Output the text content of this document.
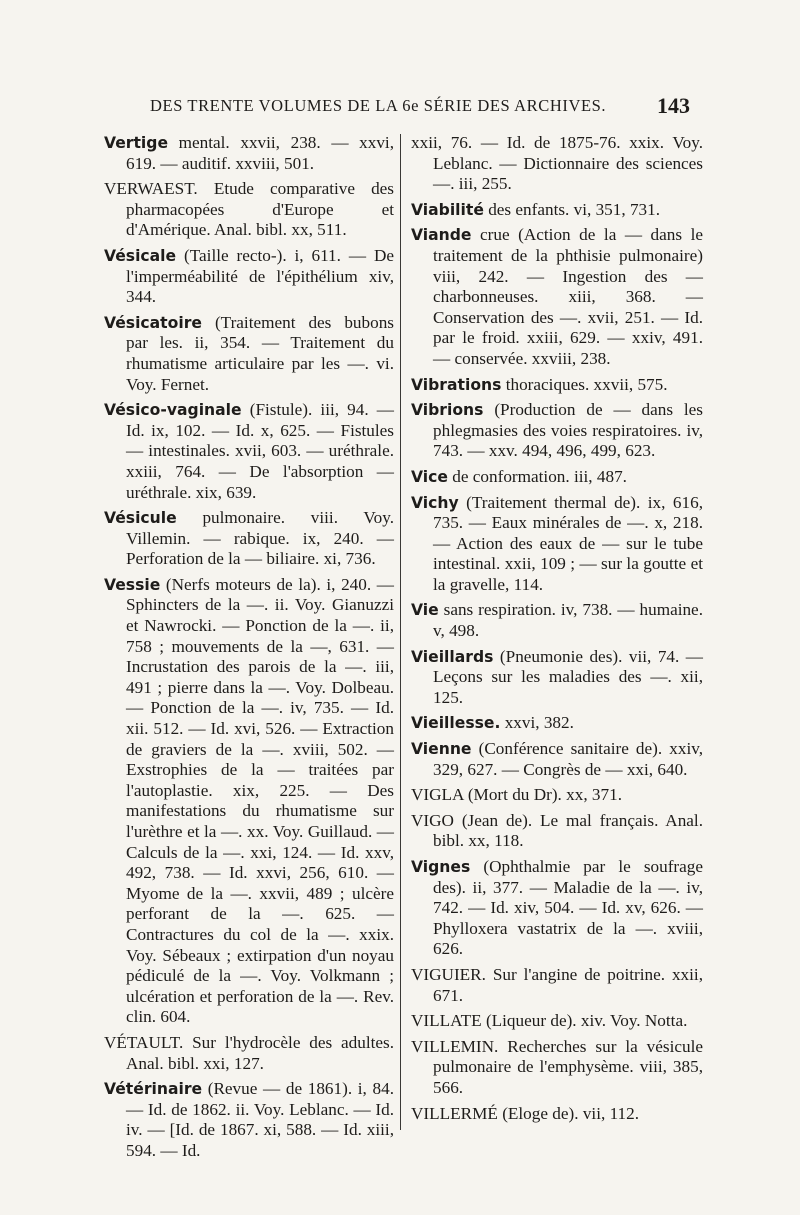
DES TRENTE VOLUMES DE LA 6e SÉRIE DES ARCHIVES. 143
Vertige mental. xxvii, 238. — xxvi, 619. — auditif. xxviii, 501.
VERWAEST. Etude comparative des pharmacopées d'Europe et d'Amérique. Anal. bibl. xx, 511.
Vésicale (Taille recto-). i, 611. — De l'imperméabilité de l'épithélium xiv, 344.
Vésicatoire (Traitement des bubons par les. ii, 354. — Traitement du rhumatisme articulaire par les —. vi. Voy. Fernet.
Vésico-vaginale (Fistule). iii, 94. — Id. ix, 102. — Id. x, 625. — Fistules — intestinales. xvii, 603. — uréthrale. xxiii, 764. — De l'absorption — uréthrale. xix, 639.
Vésicule pulmonaire. viii. Voy. Villemin. — rabique. ix, 240. — Perforation de la — biliaire. xi, 736.
Vessie (Nerfs moteurs de la). i, 240. — Sphincters de la —. ii. Voy. Gianuzzi et Nawrocki. — Ponction de la —. ii, 758 ; mouvements de la —, 631. — Incrustation des parois de la —. iii, 491 ; pierre dans la —. Voy. Dolbeau. — Ponction de la —. iv, 735. — Id. xii. 512. — Id. xvi, 526. — Extraction de graviers de la —. xviii, 502. — Exstrophies de la — traitées par l'autoplastie. xix, 225. — Des manifestations du rhumatisme sur l'urèthre et la —. xx. Voy. Guillaud. — Calculs de la —. xxi, 124. — Id. xxv, 492, 738. — Id. xxvi, 256, 610. — Myome de la —. xxvii, 489 ; ulcère perforant de la —. 625. — Contractures du col de la —. xxix. Voy. Sébeaux ; extirpation d'un noyau pédiculé de la —. Voy. Volkmann ; ulcération et perforation de la —. Rev. clin. 604.
VÉTAULT. Sur l'hydrocèle des adultes. Anal. bibl. xxi, 127.
Vétérinaire (Revue — de 1861). i, 84. — Id. de 1862. ii. Voy. Leblanc. — Id. iv. — [Id. de 1867. xi, 588. — Id. xiii, 594. — Id.
xxii, 76. — Id. de 1875-76. xxix. Voy. Leblanc. — Dictionnaire des sciences —. iii, 255.
Viabilité des enfants. vi, 351, 731.
Viande crue (Action de la — dans le traitement de la phthisie pulmonaire) viii, 242. — Ingestion des — charbonneuses. xiii, 368. — Conservation des —. xvii, 251. — Id. par le froid. xxiii, 629. — xxiv, 491. — conservée. xxviii, 238.
Vibrations thoraciques. xxvii, 575.
Vibrions (Production de — dans les phlegmasies des voies respiratoires. iv, 743. — xxv. 494, 496, 499, 623.
Vice de conformation. iii, 487.
Vichy (Traitement thermal de). ix, 616, 735. — Eaux minérales de —. x, 218. — Action des eaux de — sur le tube intestinal. xxii, 109 ; — sur la goutte et la gravelle, 114.
Vie sans respiration. iv, 738. — humaine. v, 498.
Vieillards (Pneumonie des). vii, 74. — Leçons sur les maladies des —. xii, 125.
Vieillesse. xxvi, 382.
Vienne (Conférence sanitaire de). xxiv, 329, 627. — Congrès de — xxi, 640.
VIGLA (Mort du Dr). xx, 371.
VIGO (Jean de). Le mal français. Anal. bibl. xx, 118.
Vignes (Ophthalmie par le soufrage des). ii, 377. — Maladie de la —. iv, 742. — Id. xiv, 504. — Id. xv, 626. — Phylloxera vastatrix de la —. xviii, 626.
VIGUIER. Sur l'angine de poitrine. xxii, 671.
VILLATE (Liqueur de). xiv. Voy. Notta.
VILLEMIN. Recherches sur la vésicule pulmonaire de l'emphysème. viii, 385, 566.
VILLERMÉ (Eloge de). vii, 112.
